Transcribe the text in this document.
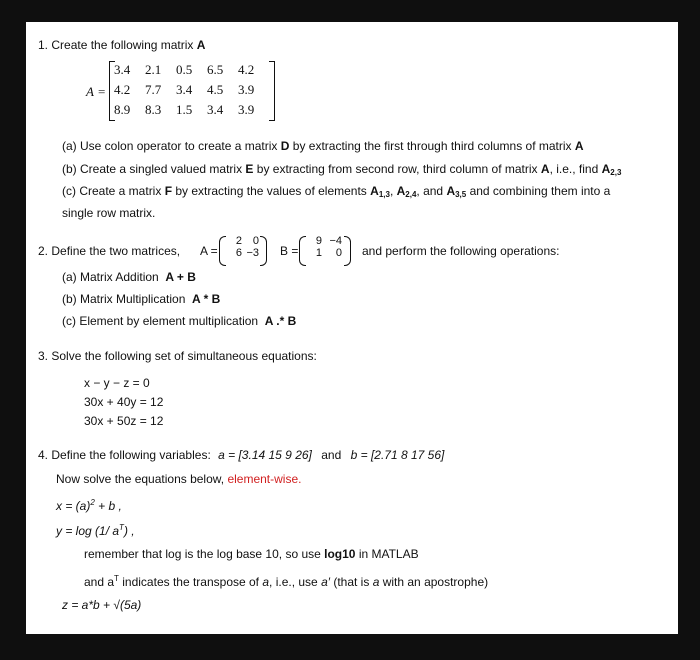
1. Create the following matrix A
A =
3.4	2.1	0.5	6.5	4.2
4.2	7.7	3.4	4.5	3.9
8.9	8.3	1.5	3.4	3.9
(a) Use colon operator to create a matrix D by extracting the first through third columns of matrix A
(b) Create a singled valued matrix E by extracting from second row, third column of matrix A, i.e., find $A_{2,3}$
(c) Create a matrix F by extracting the values of elements $A_{1,3}$, $A_{2,4}$, and $A_{3,5}$ and combining them into a
single row matrix.
2. Define the two matrices, A =
2	0
6	−3 B =
9	−4
1	0 and perform the following operations:
(a) Matrix Addition A + B
(b) Matrix Multiplication A * B
(c) Element by element multiplication A .* B
3. Solve the following set of simultaneous equations:
x − y − z = 0
30x + 40y = 12
30x + 50z = 12
4. Define the following variables: a = [3.14 15 9 26] and b = [2.71 8 17 56]
Now solve the equations below, element-wise.
$x = (a)^2 + b$ ,
y = log (1/ $a^T$) ,
remember that log is the log base 10, so use log10 in MATLAB
and $a^T$ indicates the transpose of a, i.e., use a′ (that is a with an apostrophe)
z = a*b + √(5a)
